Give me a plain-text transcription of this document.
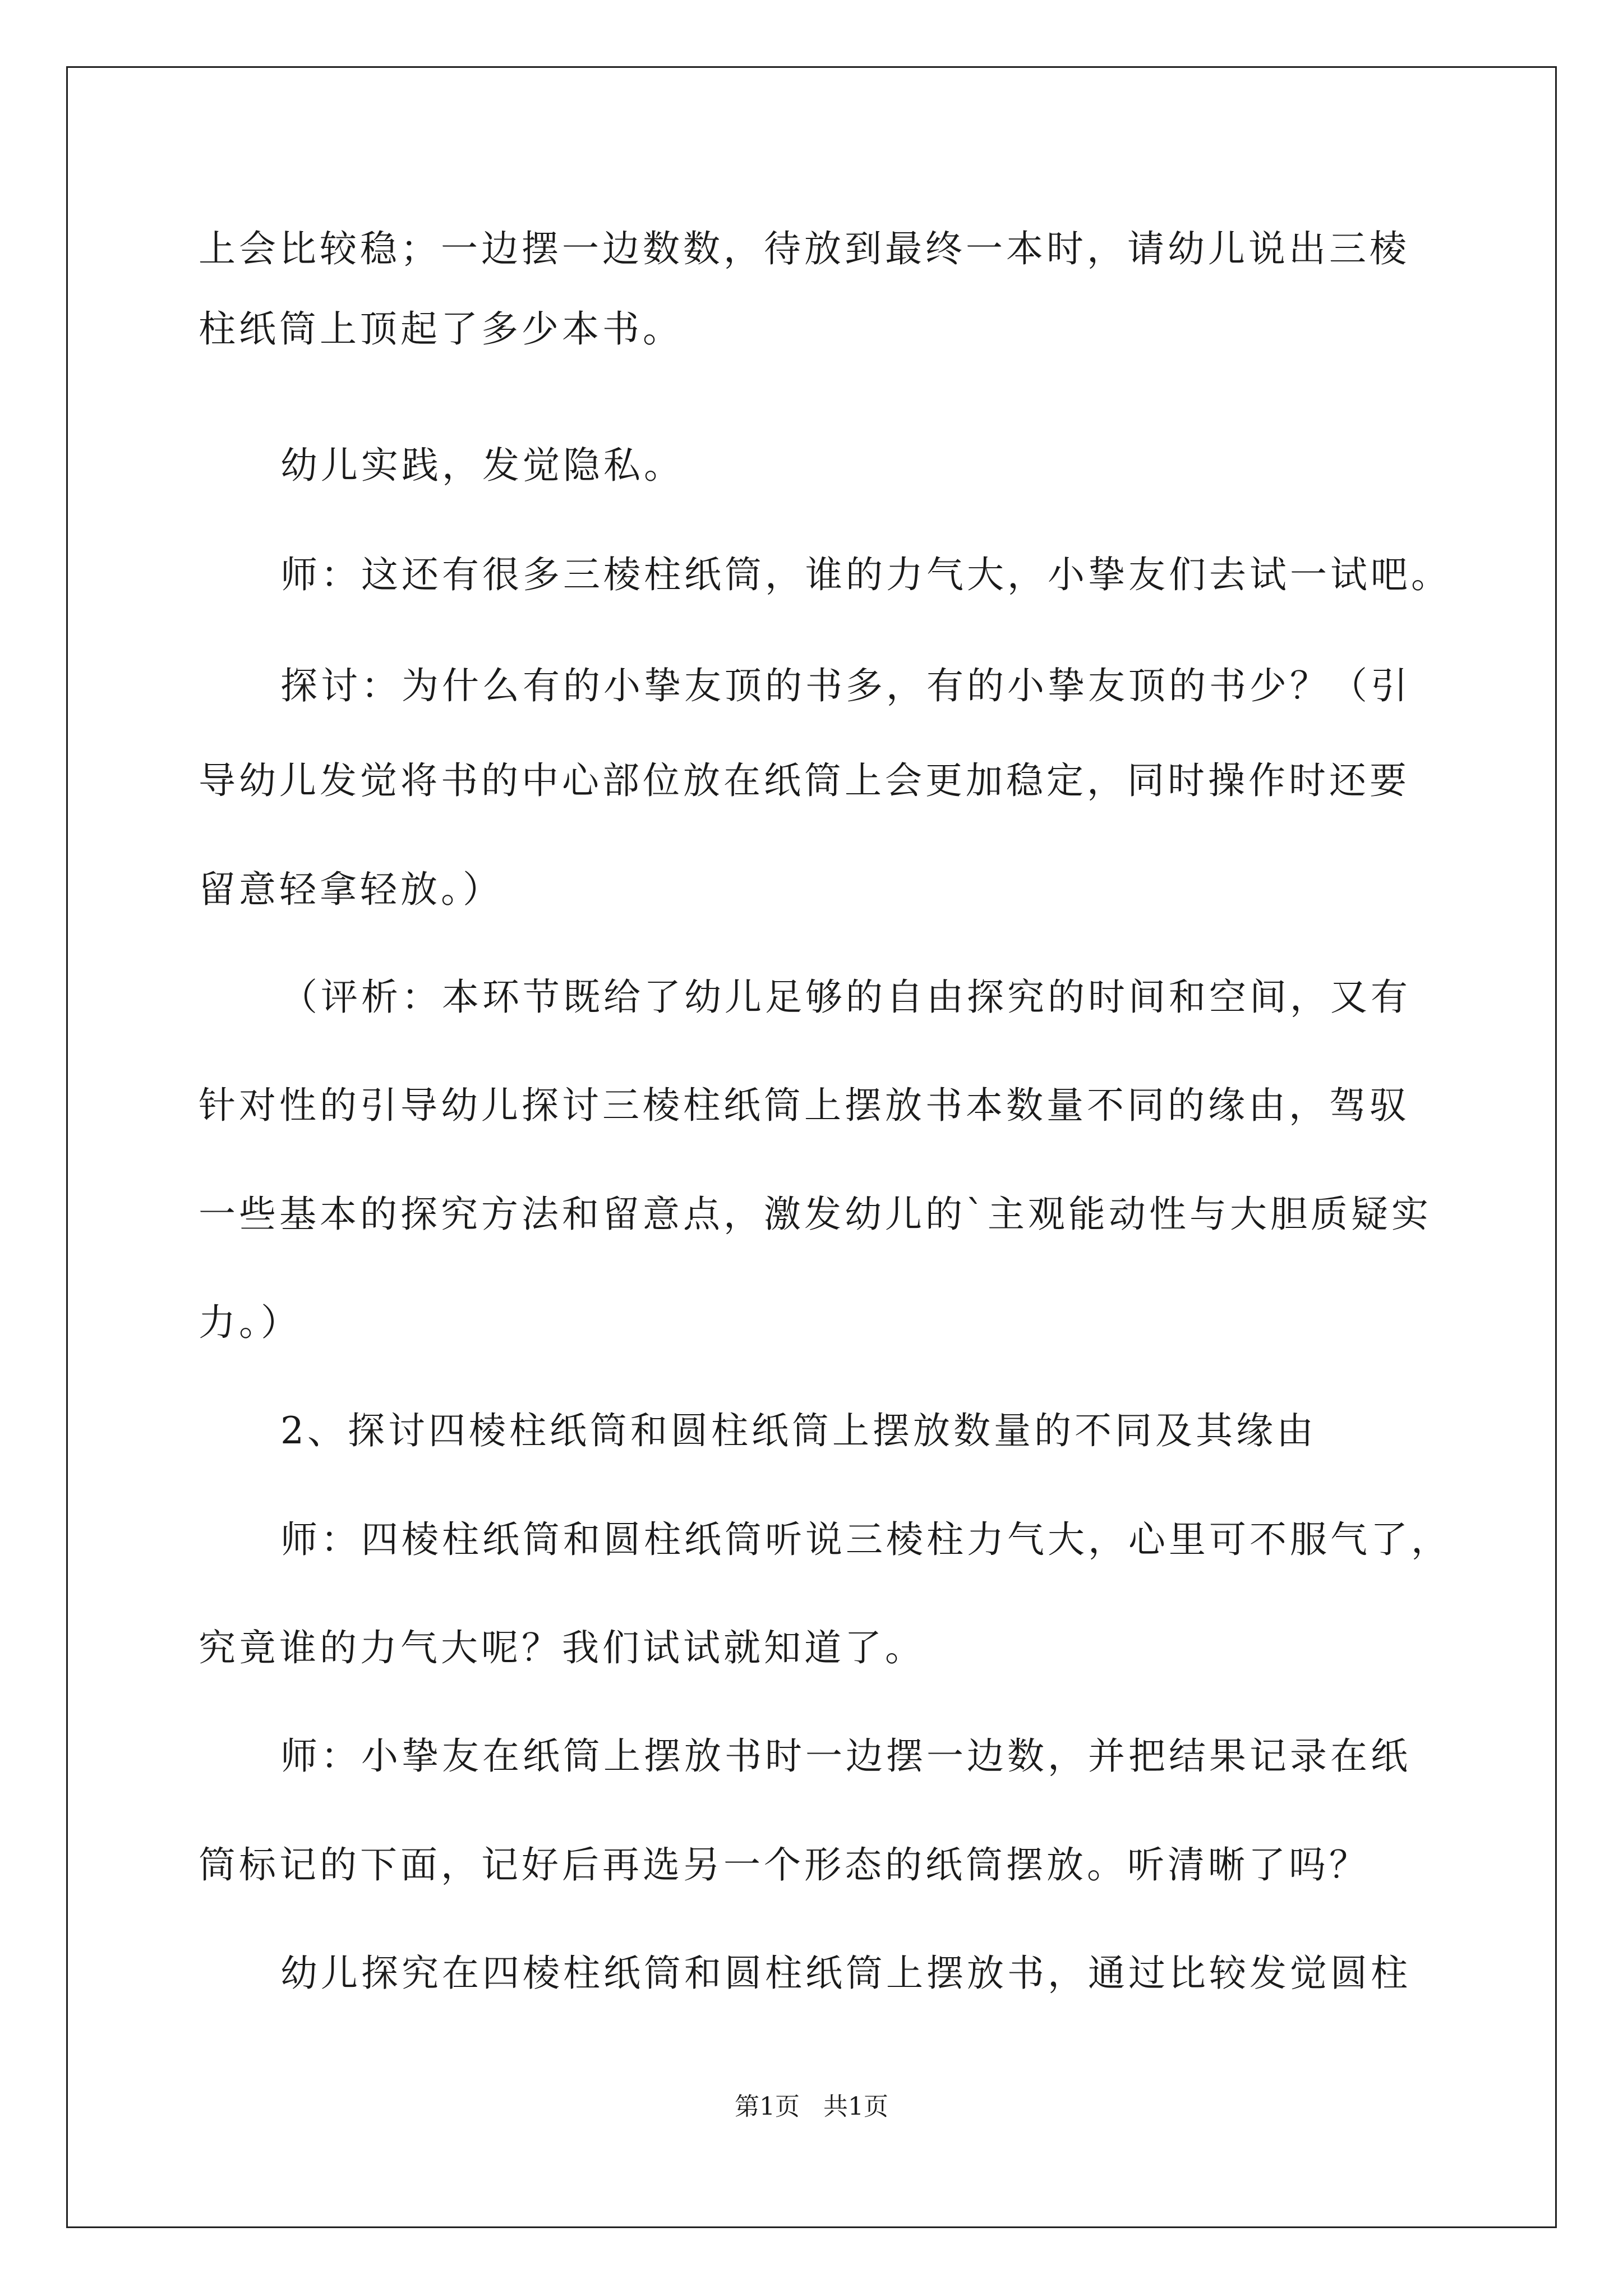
上会比较稳；一边摆一边数数，待放到最终一本时，请幼儿说出三棱
柱纸筒上顶起了多少本书。
幼儿实践，发觉隐私。
师：这还有很多三棱柱纸筒，谁的力气大，小挚友们去试一试吧。
探讨：为什么有的小挚友顶的书多，有的小挚友顶的书少？（引
导幼儿发觉将书的中心部位放在纸筒上会更加稳定，同时操作时还要
留意轻拿轻放。）
（评析：本环节既给了幼儿足够的自由探究的时间和空间，又有
针对性的引导幼儿探讨三棱柱纸筒上摆放书本数量不同的缘由，驾驭
一些基本的探究方法和留意点，激发幼儿的`主观能动性与大胆质疑实
力。）
2、探讨四棱柱纸筒和圆柱纸筒上摆放数量的不同及其缘由
师：四棱柱纸筒和圆柱纸筒听说三棱柱力气大，心里可不服气了，
究竟谁的力气大呢？我们试试就知道了。
师：小挚友在纸筒上摆放书时一边摆一边数，并把结果记录在纸
筒标记的下面，记好后再选另一个形态的纸筒摆放。听清晰了吗？
幼儿探究在四棱柱纸筒和圆柱纸筒上摆放书，通过比较发觉圆柱
第1页   共1页
